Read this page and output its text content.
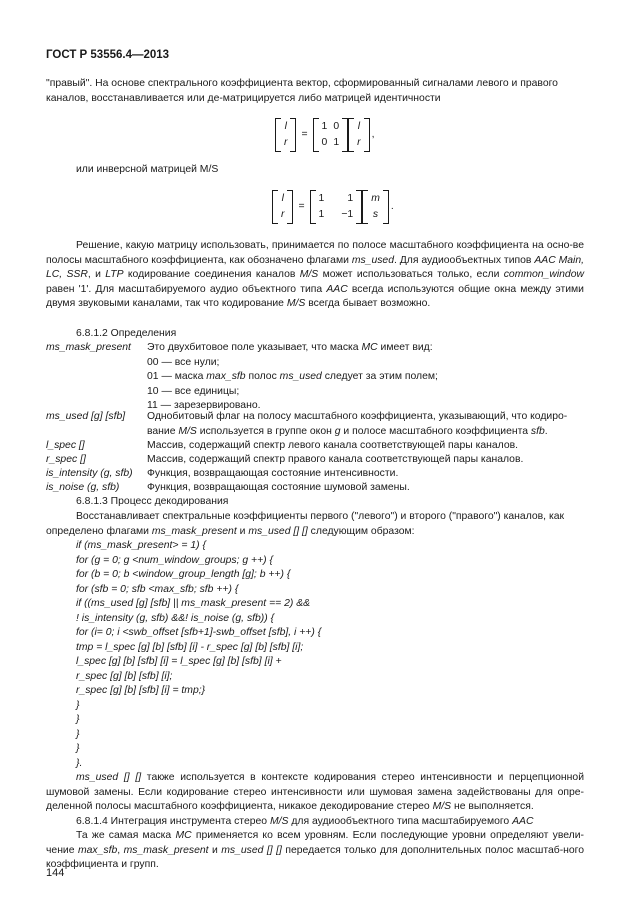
ГОСТ Р 53556.4—2013
"правый". На основе спектрального коэффициента вектор, сформированный сигналами левого и правого
каналов, восстанавливается или де-матрицируется либо матрицей идентичности
l
r
=
1
0
0
1
l
r
,
или инверсной матрицей M/S
l
r
=
1
1
1
−1
m
s
.
Решение, какую матрицу использовать, принимается по полосе масштабного коэффициента на осно-ве полосы масштабного коэффициента, как обозначено флагами ms_used. Для аудиообъектных типов AAC Main, LC, SSR, и LTP кодирование соединения каналов M/S может использоваться только, если common_window равен '1'. Для масштабируемого аудио объектного типа AAC всегда используются общие окна между этими двумя звуковыми каналами, так что кодирование M/S всегда бывает возможно.
6.8.1.2 Определения
ms_mask_present Это двухбитовое поле указывает, что маска MC имеет вид:
00 — все нули;
01 — маска max_sfb полос ms_used следует за этим полем;
10 — все единицы;
11 — зарезервировано.
ms_used [g] [sfb] Однобитовый флаг на полосу масштабного коэффициента, указывающий, что кодиро-
вание M/S используется в группе окон g и полосе масштабного коэффициента sfb.
l_spec []	Массив, содержащий спектр левого канала соответствующей пары каналов.
r_spec []	Массив, содержащий спектр правого канала соответствующей пары каналов.
is_intensity (g, sfb) Функция, возвращающая состояние интенсивности.
is_noise (g, sfb)	Функция, возвращающая состояние шумовой замены.
6.8.1.3 Процесс декодирования
Восстанавливает спектральные коэффициенты первого ("левого") и второго ("правого") каналов, как
определено флагами ms_mask_present и ms_used [] [] следующим образом:
if (ms_mask_present> = 1) {
for (g = 0; g <num_window_groups; g ++) {
for (b = 0; b <window_group_length [g]; b ++) {
for (sfb = 0; sfb <max_sfb; sfb ++) {
if ((ms_used [g] [sfb] || ms_mask_present == 2) &&
! is_intensity (g, sfb) &&! is_noise (g, sfb)) {
for (i= 0; i <swb_offset [sfb+1]-swb_offset [sfb], i ++) {
tmp = l_spec [g] [b] [sfb] [i] - r_spec [g] [b] [sfb] [i];
l_spec [g] [b] [sfb] [i] = l_spec [g] [b] [sfb] [i] +
r_spec [g] [b] [sfb] [i];
r_spec [g] [b] [sfb] [i] = tmp;}
}
}
}
}
}.
ms_used [] [] также используется в контексте кодирования стерео интенсивности и перцепционной шумовой замены. Если кодирование стерео интенсивности или шумовая замена задействованы для опре-деленной полосы масштабного коэффициента, никакое декодирование стерео M/S не выполняется.
6.8.1.4 Интеграция инструмента стерео M/S для аудиообъектного типа масштабируемого AAC
Та же самая маска MC применяется ко всем уровням. Если последующие уровни определяют увели-чение max_sfb, ms_mask_present и ms_used [] [] передается только для дополнительных полос масштаб-ного коэффициента и групп.
144
